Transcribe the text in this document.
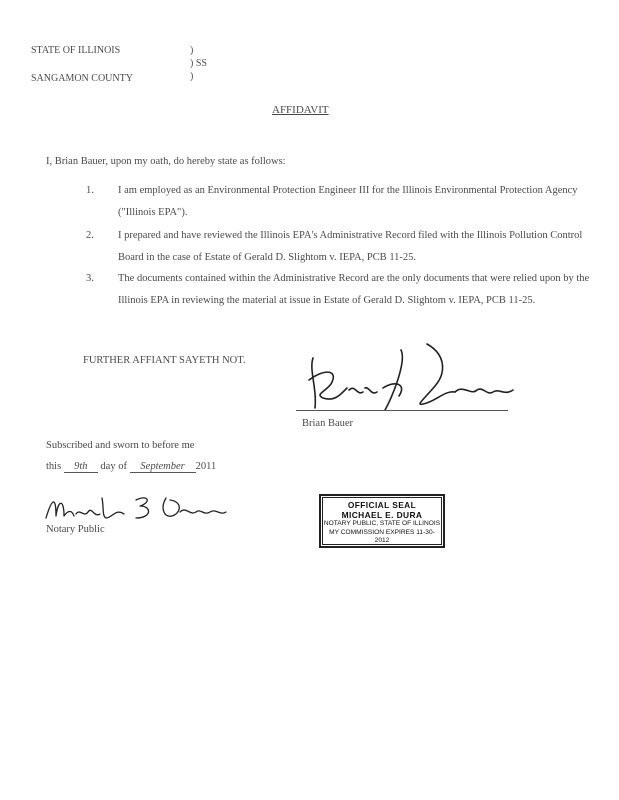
STATE OF ILLINOIS

SANGAMON COUNTY
)
) SS
)
AFFIDAVIT
I, Brian Bauer, upon my oath, do hereby state as follows:
1. I am employed as an Environmental Protection Engineer III for the Illinois Environmental Protection Agency ("Illinois EPA").
2. I prepared and have reviewed the Illinois EPA's Administrative Record filed with the Illinois Pollution Control Board in the case of Estate of Gerald D. Slightom v. IEPA, PCB 11-25.
3. The documents contained within the Administrative Record are the only documents that were relied upon by the Illinois EPA in reviewing the material at issue in Estate of Gerald D. Slightom v. IEPA, PCB 11-25.
FURTHER AFFIANT SAYETH NOT.
Brian Bauer
Subscribed and sworn to before me
this 9th day of September 2011
Notary Public
OFFICIAL SEAL
MICHAEL E. DURA
NOTARY PUBLIC, STATE OF ILLINOIS
MY COMMISSION EXPIRES 11-30-2012
